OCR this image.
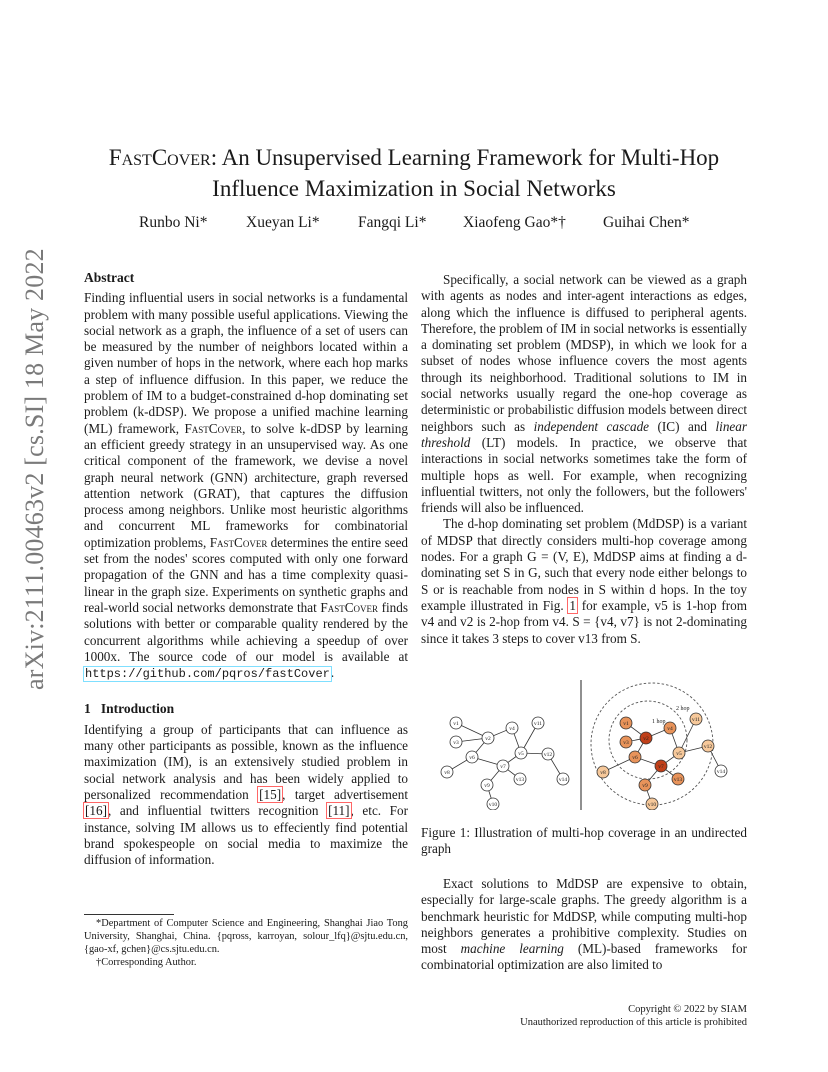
arXiv:2111.00463v2 [cs.SI] 18 May 2022
FastCover: An Unsupervised Learning Framework for Multi-Hop
Influence Maximization in Social Networks
Runbo Ni* Xueyan Li* Fangqi Li* Xiaofeng Gao*† Guihai Chen*

Abstract

Finding influential users in social networks is a fundamental problem with many possible useful applications. Viewing the social network as a graph, the influence of a set of users can be measured by the number of neighbors located within a given number of hops in the network, where each hop marks a step of influence diffusion. In this paper, we reduce the problem of IM to a budget-constrained d-hop dominating set problem (k-dDSP). We propose a unified machine learning (ML) framework, FastCover, to solve k-dDSP by learning an efficient greedy strategy in an unsupervised way. As one critical component of the framework, we devise a novel graph neural network (GNN) architecture, graph reversed attention network (GRAT), that captures the diffusion process among neighbors. Unlike most heuristic algorithms and concurrent ML frameworks for combinatorial optimization problems, FastCover determines the entire seed set from the nodes' scores computed with only one forward propagation of the GNN and has a time complexity quasi-linear in the graph size. Experiments on synthetic graphs and real-world social networks demonstrate that FastCover finds solutions with better or comparable quality rendered by the concurrent algorithms while achieving a speedup of over 1000x. The source code of our model is available at https://github.com/pqros/fastCover.

1 Introduction

Identifying a group of participants that can influence as many other participants as possible, known as the influence maximization (IM), is an extensively studied problem in social network analysis and has been widely applied to personalized recommendation [15], target advertisement [16], and influential twitters recognition [11], etc. For instance, solving IM allows us to effeciently find potential brand spokespeople on social media to maximize the diffusion of information.

*Department of Computer Science and Engineering, Shanghai Jiao Tong University, Shanghai, China. {pqross, karroyan, solour_lfq}@sjtu.edu.cn, {gao-xf, gchen}@cs.sjtu.edu.cn.
†Corresponding Author.

Specifically, a social network can be viewed as a graph with agents as nodes and inter-agent interactions as edges, along which the influence is diffused to peripheral agents. Therefore, the problem of IM in social networks is essentially a dominating set problem (MDSP), in which we look for a subset of nodes whose influence covers the most agents through its neighborhood. Traditional solutions to IM in social networks usually regard the one-hop coverage as deterministic or probabilistic diffusion models between direct neighbors such as independent cascade (IC) and linear threshold (LT) models. In practice, we observe that interactions in social networks sometimes take the form of multiple hops as well. For example, when recognizing influential twitters, not only the followers, but the followers' friends will also be influenced.

The d-hop dominating set problem (MdDSP) is a variant of MDSP that directly considers multi-hop coverage among nodes. For a graph G = (V, E), MdDSP aims at finding a d-dominating set S in G, such that every node either belongs to S or is reachable from nodes in S within d hops. In the toy example illustrated in Fig. 1 for example, v5 is 1-hop from v4 and v2 is 2-hop from v4. S = {v4, v7} is not 2-dominating since it takes 3 steps to cover v13 from S.

v1
v2
v3
v4
v5
v6
v7
v8
v9
v10
v11
v12
v13	v14
1 hop
2 hop
v1
v2
v3
v4
v5
v6
v7
v8
v9
v10
v11
v12
v13
v14
Figure 1: Illustration of multi-hop coverage in an undirected graph

Exact solutions to MdDSP are expensive to obtain, especially for large-scale graphs. The greedy algorithm is a benchmark heuristic for MdDSP, while computing multi-hop neighbors generates a prohibitive complexity. Studies on most machine learning (ML)-based frameworks for combinatorial optimization are also limited to

Copyright © 2022 by SIAM
Unauthorized reproduction of this article is prohibited
